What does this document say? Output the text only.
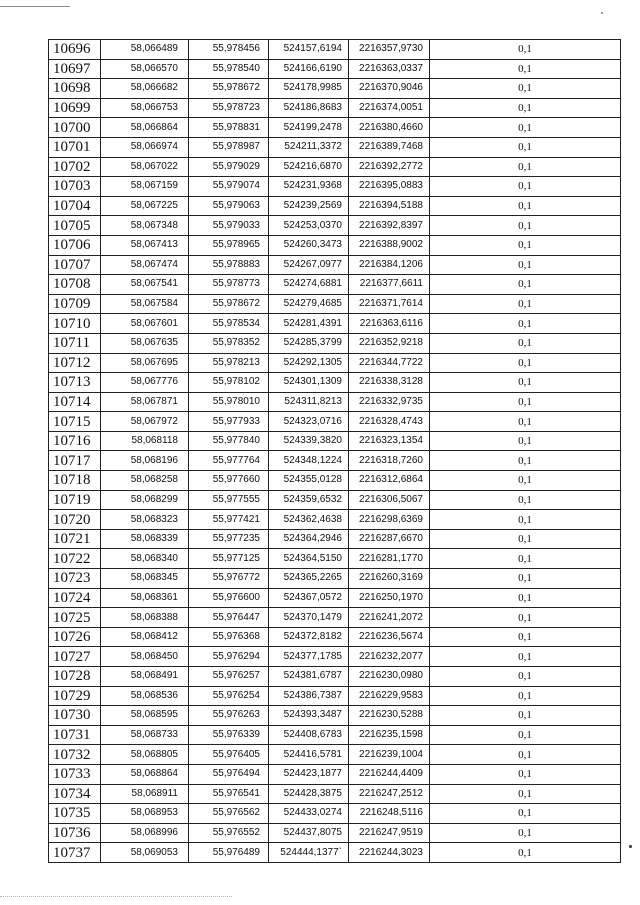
10696	58,066489	55,978456	524157,6194	2216357,9730	0,1
10697	58,066570	55,978540	524166,6190	2216363,0337	0,1
10698	58,066682	55,978672	524178,9985	2216370,9046	0,1
10699	58,066753	55,978723	524186,8683	2216374,0051	0,1
10700	58,066864	55,978831	524199,2478	2216380,4660	0,1
10701	58,066974	55,978987	524211,3372	2216389,7468	0,1
10702	58,067022	55,979029	524216,6870	2216392,2772	0,1
10703	58,067159	55,979074	524231,9368	2216395,0883	0,1
10704	58,067225	55,979063	524239,2569	2216394,5188	0,1
10705	58,067348	55,979033	524253,0370	2216392,8397	0,1
10706	58,067413	55,978965	524260,3473	2216388,9002	0,1
10707	58,067474	55,978883	524267,0977	2216384,1206	0,1
10708	58,067541	55,978773	524274,6881	2216377,6611	0,1
10709	58,067584	55,978672	524279,4685	2216371,7614	0,1
10710	58,067601	55,978534	524281,4391	2216363,6116	0,1
10711	58,067635	55,978352	524285,3799	2216352,9218	0,1
10712	58,067695	55,978213	524292,1305	2216344,7722	0,1
10713	58,067776	55,978102	524301,1309	2216338,3128	0,1
10714	58,067871	55,978010	524311,8213	2216332,9735	0,1
10715	58,067972	55,977933	524323,0716	2216328,4743	0,1
10716	58,068118	55,977840	524339,3820	2216323,1354	0,1
10717	58,068196	55,977764	524348,1224	2216318,7260	0,1
10718	58,068258	55,977660	524355,0128	2216312,6864	0,1
10719	58,068299	55,977555	524359,6532	2216306,5067	0,1
10720	58,068323	55,977421	524362,4638	2216298,6369	0,1
10721	58,068339	55,977235	524364,2946	2216287,6670	0,1
10722	58,068340	55,977125	524364,5150	2216281,1770	0,1
10723	58,068345	55,976772	524365,2265	2216260,3169	0,1
10724	58,068361	55,976600	524367,0572	2216250,1970	0,1
10725	58,068388	55,976447	524370,1479	2216241,2072	0,1
10726	58,068412	55,976368	524372,8182	2216236,5674	0,1
10727	58,068450	55,976294	524377,1785	2216232,2077	0,1
10728	58,068491	55,976257	524381,6787	2216230,0980	0,1
10729	58,068536	55,976254	524386,7387	2216229,9583	0,1
10730	58,068595	55,976263	524393,3487	2216230,5288	0,1
10731	58,068733	55,976339	524408,6783	2216235,1598	0,1
10732	58,068805	55,976405	524416,5781	2216239,1004	0,1
10733	58,068864	55,976494	524423,1877	2216244,4409	0,1
10734	58,068911	55,976541	524428,3875	2216247,2512	0,1
10735	58,068953	55,976562	524433,0274	2216248,5116	0,1
10736	58,068996	55,976552	524437,8075	2216247,9519	0,1
10737	58,069053	55,976489	524444,1377`	2216244,3023	0,1
